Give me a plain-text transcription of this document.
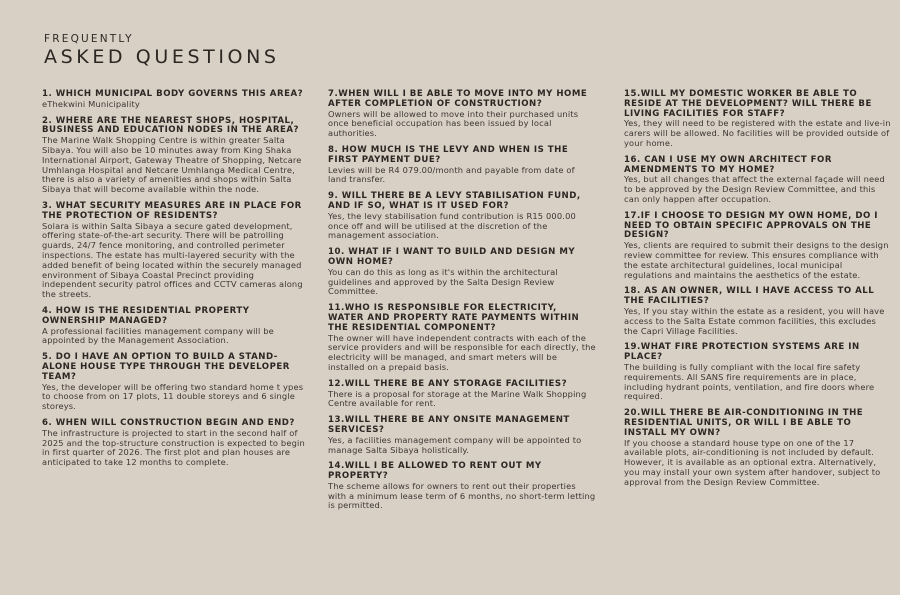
FREQUENTLY
ASKED QUESTIONS
1. WHICH MUNICIPAL BODY GOVERNS THIS AREA?
eThekwini Municipality
2. WHERE ARE THE NEAREST SHOPS, HOSPITAL, BUSINESS AND EDUCATION NODES IN THE AREA?
The Marine Walk Shopping Centre is within greater Salta Sibaya. You will also be 10 minutes away from King Shaka International Airport, Gateway Theatre of Shopping, Netcare Umhlanga Hospital and Netcare Umhlanga Medical Centre, there is also a variety of amenities and shops within Salta Sibaya that will become available within the node.
3. WHAT SECURITY MEASURES ARE IN PLACE FOR THE PROTECTION OF RESIDENTS?
Solara is within Salta Sibaya a secure gated development, offering state-of-the-art security. There will be patrolling guards, 24/7 fence monitoring, and controlled perimeter inspections. The estate has multi-layered security with the added benefit of being located within the securely managed environment of Sibaya Coastal Precinct providing independent security patrol offices and CCTV cameras along the streets.
4. HOW IS THE RESIDENTIAL PROPERTY OWNERSHIP MANAGED?
A professional facilities management company will be appointed by the Management Association.
5. DO I HAVE AN OPTION TO BUILD A STAND-ALONE HOUSE TYPE THROUGH THE DEVELOPER TEAM?
Yes, the developer will be offering two standard home t ypes to choose from on 17 plots, 11 double storeys and 6 single storeys.
6. WHEN WILL CONSTRUCTION BEGIN AND END?
The infrastructure is projected to start in the second half of 2025 and the top-structure construction is expected to begin in first quarter of 2026. The first plot and plan houses are anticipated to take 12 months to complete.
7.WHEN WILL I BE ABLE TO MOVE INTO MY HOME AFTER COMPLETION OF CONSTRUCTION?
Owners will be allowed to move into their purchased units once beneficial occupation has been issued by local authorities.
8. HOW MUCH IS THE LEVY AND WHEN IS THE FIRST PAYMENT DUE?
Levies will be R4 079.00/month and payable from date of land transfer.
9. WILL THERE BE A LEVY STABILISATION FUND, AND IF SO, WHAT IS IT USED FOR?
Yes, the levy stabilisation fund contribution is R15 000.00 once off and will be utilised at the discretion of the management association.
10. WHAT IF I WANT TO BUILD AND DESIGN MY OWN HOME?
You can do this as long as it's within the architectural guidelines and approved by the Salta Design Review Committee.
11.WHO IS RESPONSIBLE FOR ELECTRICITY, WATER AND PROPERTY RATE PAYMENTS WITHIN THE RESIDENTIAL COMPONENT?
The owner will have independent contracts with each of the service providers and will be responsible for each directly, the electricity will be managed, and smart meters will be installed on a prepaid basis.
12.WILL THERE BE ANY STORAGE FACILITIES?
There is a proposal for storage at the Marine Walk Shopping Centre available for rent.
13.WILL THERE BE ANY ONSITE MANAGEMENT SERVICES?
Yes, a facilities management company will be appointed to manage Salta Sibaya holistically.
14.WILL I BE ALLOWED TO RENT OUT MY PROPERTY?
The scheme allows for owners to rent out their properties with a minimum lease term of 6 months, no short-term letting is permitted.
15.WILL MY DOMESTIC WORKER BE ABLE TO RESIDE AT THE DEVELOPMENT? WILL THERE BE LIVING FACILITIES FOR STAFF?
Yes, they will need to be registered with the estate and live-in carers will be allowed. No facilities will be provided outside of your home.
16. CAN I USE MY OWN ARCHITECT FOR AMENDMENTS TO MY HOME?
Yes, but all changes that affect the external façade will need to be approved by the Design Review Committee, and this can only happen after occupation.
17.IF I CHOOSE TO DESIGN MY OWN HOME, DO I NEED TO OBTAIN SPECIFIC APPROVALS ON THE DESIGN?
Yes, clients are required to submit their designs to the design review committee for review. This ensures compliance with the estate architectural guidelines, local municipal regulations and maintains the aesthetics of the estate.
18. AS AN OWNER, WILL I HAVE ACCESS TO ALL THE FACILITIES?
Yes, If you stay within the estate as a resident, you will have access to the Salta Estate common facilities, this excludes the Capri Village Facilities.
19.WHAT FIRE PROTECTION SYSTEMS ARE IN PLACE?
The building is fully compliant with the local fire safety requirements. All SANS fire requirements are in place, including hydrant points, ventilation, and fire doors where required.
20.WILL THERE BE AIR-CONDITIONING IN THE RESIDENTIAL UNITS, OR WILL I BE ABLE TO INSTALL MY OWN?
If you choose a standard house type on one of the 17 available plots, air-conditioning is not included by default. However, it is available as an optional extra. Alternatively, you may install your own system after handover, subject to approval from the Design Review Committee.
